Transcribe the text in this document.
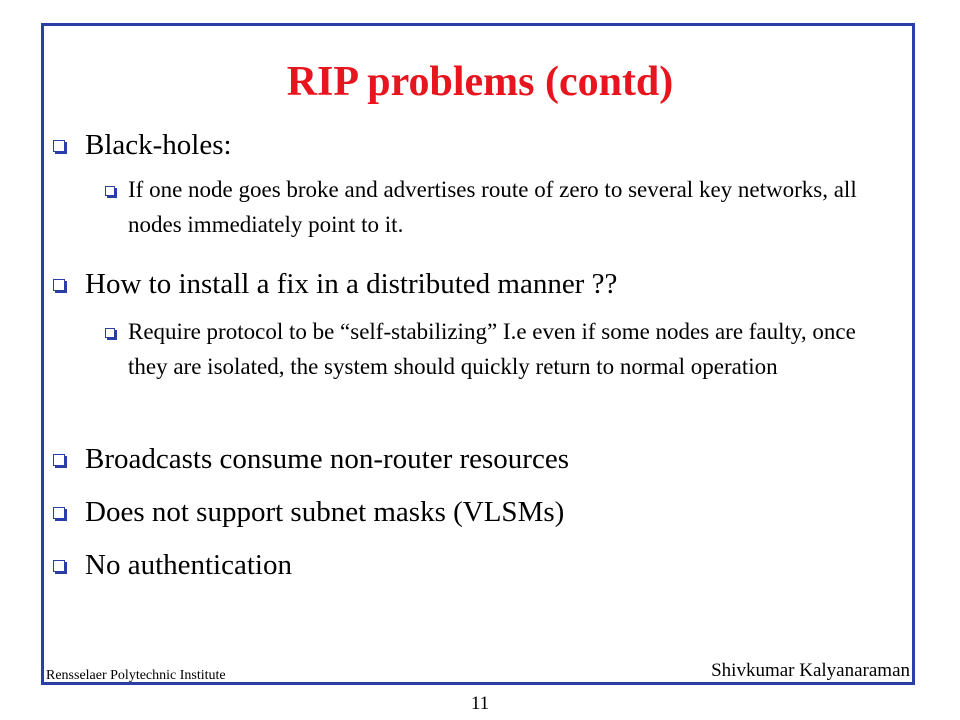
RIP problems (contd)
Black-holes:
If one node goes broke and advertises route of zero to several key networks, all nodes immediately point to it.
How to install a fix in a distributed manner ??
Require protocol to be “self-stabilizing” I.e even if some nodes are faulty, once they are isolated, the system should quickly return to normal operation
Broadcasts consume non-router resources
Does not support subnet masks (VLSMs)
No authentication
Rensselaer Polytechnic Institute	Shivkumar Kalyanaraman
11
